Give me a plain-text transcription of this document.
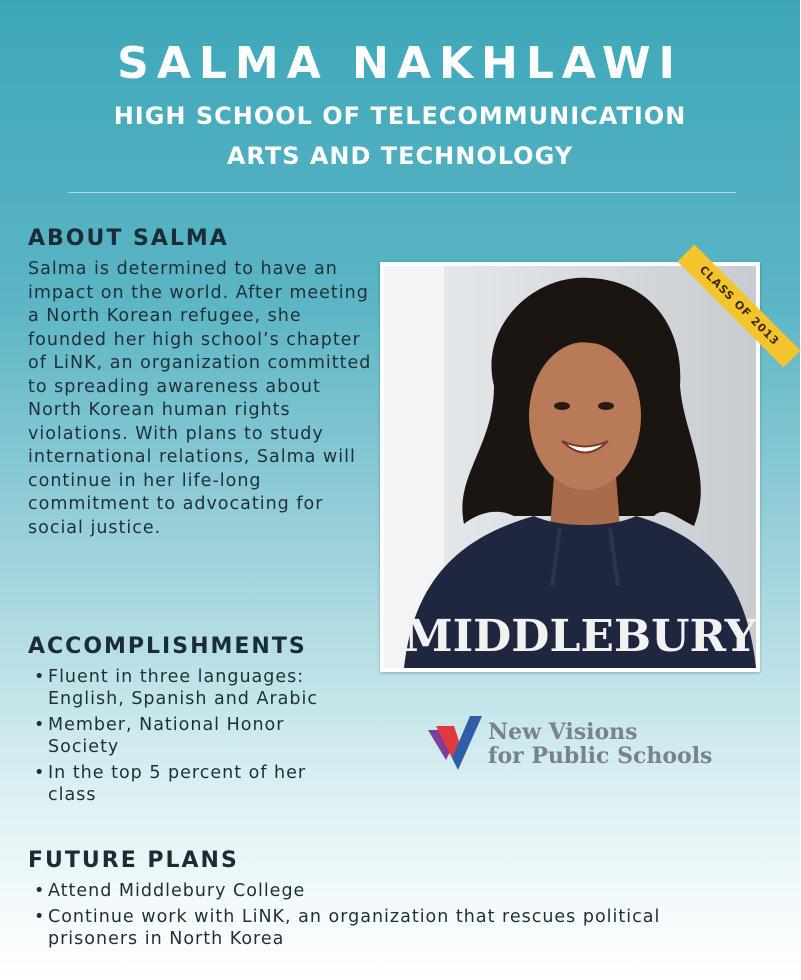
SALMA NAKHLAWI
HIGH SCHOOL OF TELECOMMUNICATION
ARTS AND TECHNOLOGY
ABOUT SALMA

Salma is determined to have an impact on the world. After meeting a North Korean refugee, she founded her high school’s chapter of LiNK, an organization committed to spreading awareness about North Korean human rights violations. With plans to study international relations, Salma will continue in her life-long commitment to advocating for social justice.

ACCOMPLISHMENTS
• Fluent in three languages: English, Spanish and Arabic
• Member, National Honor Society
• In the top 5 percent of her class
FUTURE PLANS
• Attend Middlebury College
• Continue work with LiNK, an organization that rescues political prisoners in North Korea
MIDDLEBURY
CLASS OF 2013
New Visions
for Public Schools
